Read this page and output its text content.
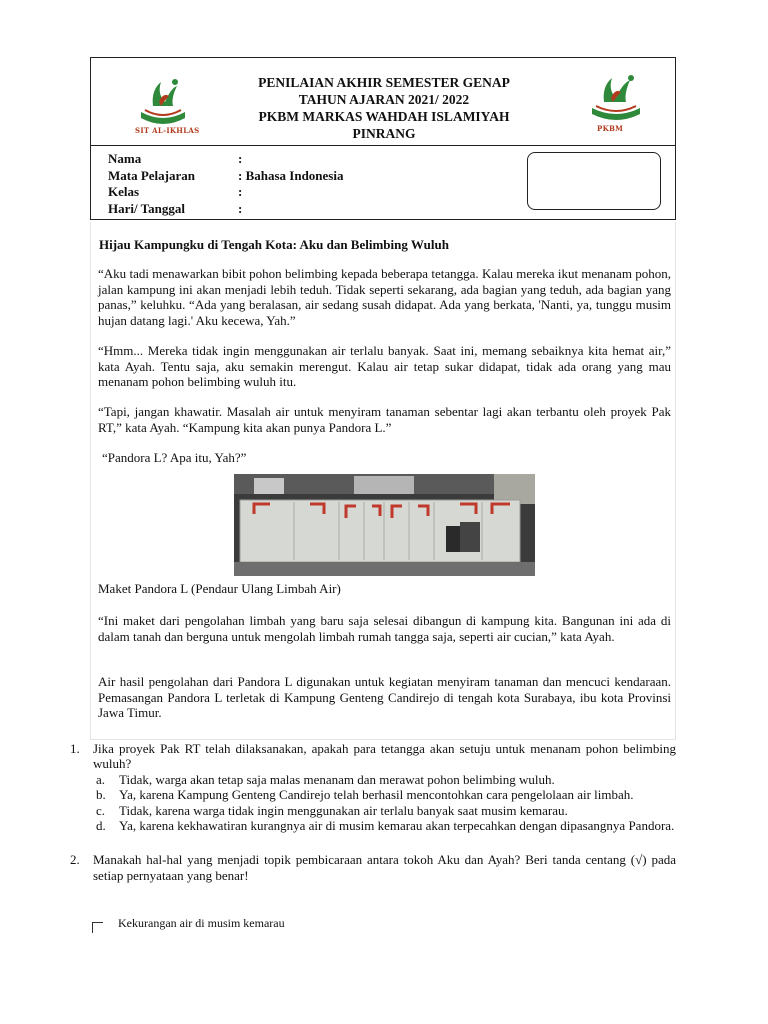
SIT AL-IKHLAS
PENILAIAN AKHIR SEMESTER GENAP
TAHUN AJARAN 2021/ 2022
PKBM MARKAS WAHDAH ISLAMIYAH
PINRANG	PKBM
Nama	:
Mata Pelajaran	: Bahasa Indonesia
Kelas	:
Hari/ Tanggal	:
Hijau Kampungku di Tengah Kota: Aku dan Belimbing Wuluh
“Aku tadi menawarkan bibit pohon belimbing kepada beberapa tetangga. Kalau mereka ikut menanam pohon, jalan kampung ini akan menjadi lebih teduh. Tidak seperti sekarang, ada bagian yang teduh, ada bagian yang panas,” keluhku. “Ada yang beralasan, air sedang susah didapat. Ada yang berkata, 'Nanti, ya, tunggu musim hujan datang lagi.' Aku kecewa, Yah.”
“Hmm... Mereka tidak ingin menggunakan air terlalu banyak. Saat ini, memang sebaiknya kita hemat air,” kata Ayah. Tentu saja, aku semakin merengut. Kalau air tetap sukar didapat, tidak ada orang yang mau menanam pohon belimbing wuluh itu.
“Tapi, jangan khawatir. Masalah air untuk menyiram tanaman sebentar lagi akan terbantu oleh proyek Pak RT,” kata Ayah. “Kampung kita akan punya Pandora L.”
“Pandora L? Apa itu, Yah?”
Maket Pandora L (Pendaur Ulang Limbah Air)
“Ini maket dari pengolahan limbah yang baru saja selesai dibangun di kampung kita. Bangunan ini ada di dalam tanah dan berguna untuk mengolah limbah rumah tangga saja, seperti air cucian,” kata Ayah.
Air hasil pengolahan dari Pandora L digunakan untuk kegiatan menyiram tanaman dan mencuci kendaraan. Pemasangan Pandora L terletak di Kampung Genteng Candirejo di tengah kota Surabaya, ibu kota Provinsi Jawa Timur.
1.	Jika proyek Pak RT telah dilaksanakan, apakah para tetangga akan setuju untuk menanam pohon belimbing wuluh?
a.	Tidak, warga akan tetap saja malas menanam dan merawat pohon belimbing wuluh.
b.	Ya, karena Kampung Genteng Candirejo telah berhasil mencontohkan cara pengelolaan air limbah.
c.	Tidak, karena warga tidak ingin menggunakan air terlalu banyak saat musim kemarau.
d.	Ya, karena kekhawatiran kurangnya air di musim kemarau akan terpecahkan dengan dipasangnya Pandora.
2.	Manakah hal-hal yang menjadi topik pembicaraan antara tokoh Aku dan Ayah? Beri tanda centang (√) pada setiap pernyataan yang benar!
Kekurangan air di musim kemarau
